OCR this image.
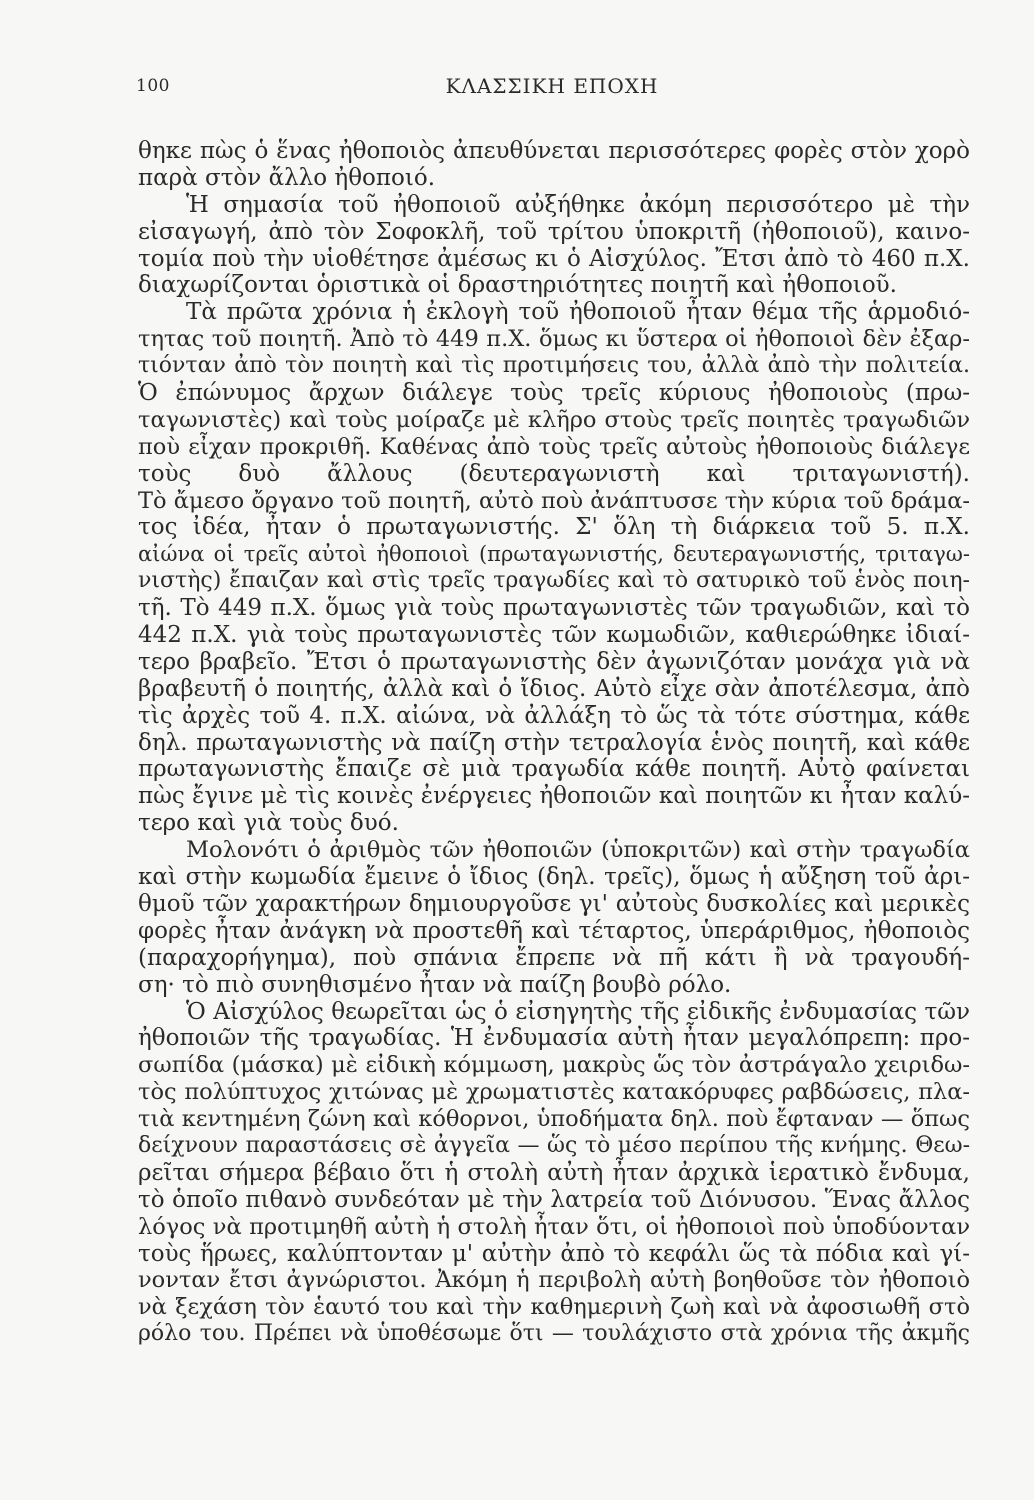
100	ΚΛΑΣΣΙΚΗ ΕΠΟΧΗ
θηκε πὼς ὁ ἕνας ἠθοποιὸς ἀπευθύνεται περισσότερες φορὲς στὸν χορὸ
παρὰ στὸν ἄλλο ἠθοποιό.
Ἡ σημασία τοῦ ἠθοποιοῦ αὐξήθηκε ἀκόμη περισσότερο μὲ τὴν
εἰσαγωγή, ἀπὸ τὸν Σοφοκλῆ, τοῦ τρίτου ὑποκριτῆ (ἠθοποιοῦ), καινο-
τομία ποὺ τὴν υἱοθέτησε ἀμέσως κι ὁ Αἰσχύλος. Ἔτσι ἀπὸ τὸ 460 π.Χ.
διαχωρίζονται ὁριστικὰ οἱ δραστηριότητες ποιητῆ καὶ ἠθοποιοῦ.
Τὰ πρῶτα χρόνια ἡ ἐκλογὴ τοῦ ἠθοποιοῦ ἦταν θέμα τῆς ἁρμοδιό-
τητας τοῦ ποιητῆ. Ἀπὸ τὸ 449 π.Χ. ὅμως κι ὕστερα οἱ ἠθοποιοὶ δὲν ἐξαρ-
τιόνταν ἀπὸ τὸν ποιητὴ καὶ τὶς προτιμήσεις του, ἀλλὰ ἀπὸ τὴν πολιτεία.
Ὁ ἐπώνυμος ἄρχων διάλεγε τοὺς τρεῖς κύριους ἠθοποιοὺς (πρω-
ταγωνιστὲς) καὶ τοὺς μοίραζε μὲ κλῆρο στοὺς τρεῖς ποιητὲς τραγωδιῶν
ποὺ εἶχαν προκριθῆ. Καθένας ἀπὸ τοὺς τρεῖς αὐτοὺς ἠθοποιοὺς διάλεγε
τοὺς δυὸ ἄλλους (δευτεραγωνιστὴ καὶ τριταγωνιστή).
Τὸ ἄμεσο ὄργανο τοῦ ποιητῆ, αὐτὸ ποὺ ἀνάπτυσσε τὴν κύρια τοῦ δράμα-
τος ἰδέα, ἦταν ὁ πρωταγωνιστής. Σ' ὅλη τὴ διάρκεια τοῦ 5. π.Χ.
αἰώνα οἱ τρεῖς αὐτοὶ ἠθοποιοὶ (πρωταγωνιστής, δευτεραγωνιστής, τριταγω-
νιστὴς) ἔπαιζαν καὶ στὶς τρεῖς τραγωδίες καὶ τὸ σατυρικὸ τοῦ ἑνὸς ποιη-
τῆ. Τὸ 449 π.Χ. ὅμως γιὰ τοὺς πρωταγωνιστὲς τῶν τραγωδιῶν, καὶ τὸ
442 π.Χ. γιὰ τοὺς πρωταγωνιστὲς τῶν κωμωδιῶν, καθιερώθηκε ἰδιαί-
τερο βραβεῖο. Ἔτσι ὁ πρωταγωνιστὴς δὲν ἀγωνιζόταν μονάχα γιὰ νὰ
βραβευτῆ ὁ ποιητής, ἀλλὰ καὶ ὁ ἴδιος. Αὐτὸ εἶχε σὰν ἀποτέλεσμα, ἀπὸ
τὶς ἀρχὲς τοῦ 4. π.Χ. αἰώνα, νὰ ἀλλάξη τὸ ὥς τὰ τότε σύστημα, κάθε
δηλ. πρωταγωνιστὴς νὰ παίζη στὴν τετραλογία ἑνὸς ποιητῆ, καὶ κάθε
πρωταγωνιστὴς ἔπαιζε σὲ μιὰ τραγωδία κάθε ποιητῆ. Αὐτὸ φαίνεται
πὼς ἔγινε μὲ τὶς κοινὲς ἐνέργειες ἠθοποιῶν καὶ ποιητῶν κι ἦταν καλύ-
τερο καὶ γιὰ τοὺς δυό.
Μολονότι ὁ ἀριθμὸς τῶν ἠθοποιῶν (ὑποκριτῶν) καὶ στὴν τραγωδία
καὶ στὴν κωμωδία ἔμεινε ὁ ἴδιος (δηλ. τρεῖς), ὅμως ἡ αὔξηση τοῦ ἀρι-
θμοῦ τῶν χαρακτήρων δημιουργοῦσε γι' αὐτοὺς δυσκολίες καὶ μερικὲς
φορὲς ἦταν ἀνάγκη νὰ προστεθῆ καὶ τέταρτος, ὑπεράριθμος, ἠθοποιὸς
(παραχορήγημα), ποὺ σπάνια ἔπρεπε νὰ πῆ κάτι ἢ νὰ τραγουδή-
ση· τὸ πιὸ συνηθισμένο ἦταν νὰ παίζη βουβὸ ρόλο.
Ὁ Αἰσχύλος θεωρεῖται ὡς ὁ εἰσηγητὴς τῆς εἰδικῆς ἐνδυμασίας τῶν
ἠθοποιῶν τῆς τραγωδίας. Ἡ ἐνδυμασία αὐτὴ ἦταν μεγαλόπρεπη: προ-
σωπίδα (μάσκα) μὲ εἰδικὴ κόμμωση, μακρὺς ὥς τὸν ἀστράγαλο χειριδω-
τὸς πολύπτυχος χιτώνας μὲ χρωματιστὲς κατακόρυφες ραβδώσεις, πλα-
τιὰ κεντημένη ζώνη καὶ κόθορνοι, ὑποδήματα δηλ. ποὺ ἔφταναν — ὅπως
δείχνουν παραστάσεις σὲ ἀγγεῖα — ὥς τὸ μέσο περίπου τῆς κνήμης. Θεω-
ρεῖται σήμερα βέβαιο ὅτι ἡ στολὴ αὐτὴ ἦταν ἀρχικὰ ἱερατικὸ ἔνδυμα,
τὸ ὁποῖο πιθανὸ συνδεόταν μὲ τὴν λατρεία τοῦ Διόνυσου. Ἕνας ἄλλος
λόγος νὰ προτιμηθῆ αὐτὴ ἡ στολὴ ἦταν ὅτι, οἱ ἠθοποιοὶ ποὺ ὑποδύονταν
τοὺς ἥρωες, καλύπτονταν μ' αὐτὴν ἀπὸ τὸ κεφάλι ὥς τὰ πόδια καὶ γί-
νονταν ἔτσι ἀγνώριστοι. Ἀκόμη ἡ περιβολὴ αὐτὴ βοηθοῦσε τὸν ἠθοποιὸ
νὰ ξεχάση τὸν ἑαυτό του καὶ τὴν καθημερινὴ ζωὴ καὶ νὰ ἀφοσιωθῆ στὸ
ρόλο του. Πρέπει νὰ ὑποθέσωμε ὅτι — τουλάχιστο στὰ χρόνια τῆς ἀκμῆς
